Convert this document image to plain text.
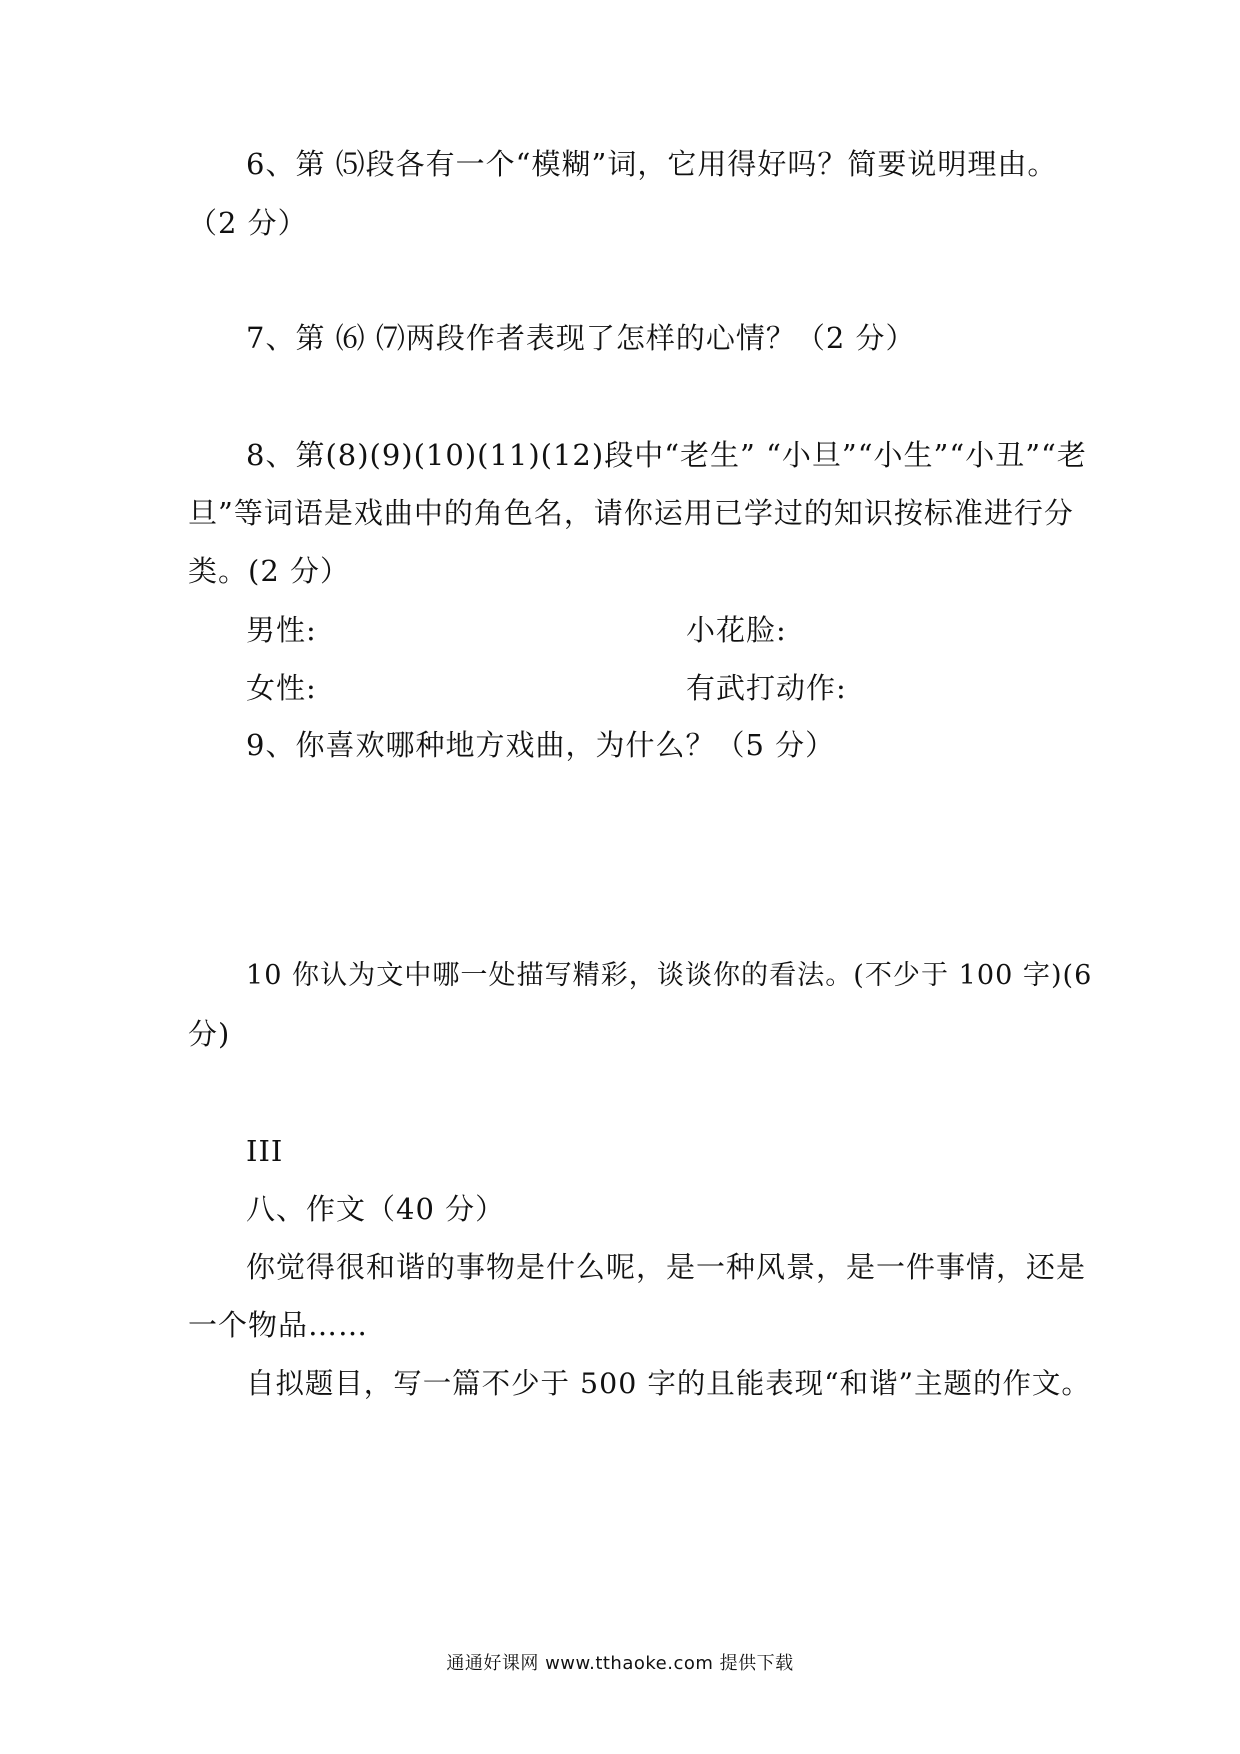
6、第 ⑸段各有一个“模糊”词，它用得好吗？简要说明理由。
（2 分）
7、第 ⑹ ⑺两段作者表现了怎样的心情？（2 分）
8、第(8)(9)(10)(11)(12)段中“老生” “小旦”“小生”“小丑”“老
旦”等词语是戏曲中的角色名，请你运用已学过的知识按标准进行分
类。(2 分）
男性:	小花脸:
女性:	有武打动作:
9、你喜欢哪种地方戏曲，为什么？（5 分）
10 你认为文中哪一处描写精彩，谈谈你的看法。(不少于 100 字)(6
分)
III
八、作文（40 分）
你觉得很和谐的事物是什么呢，是一种风景，是一件事情，还是
一个物品……
自拟题目，写一篇不少于 500 字的且能表现“和谐”主题的作文。
通通好课网 www.tthaoke.com 提供下载
